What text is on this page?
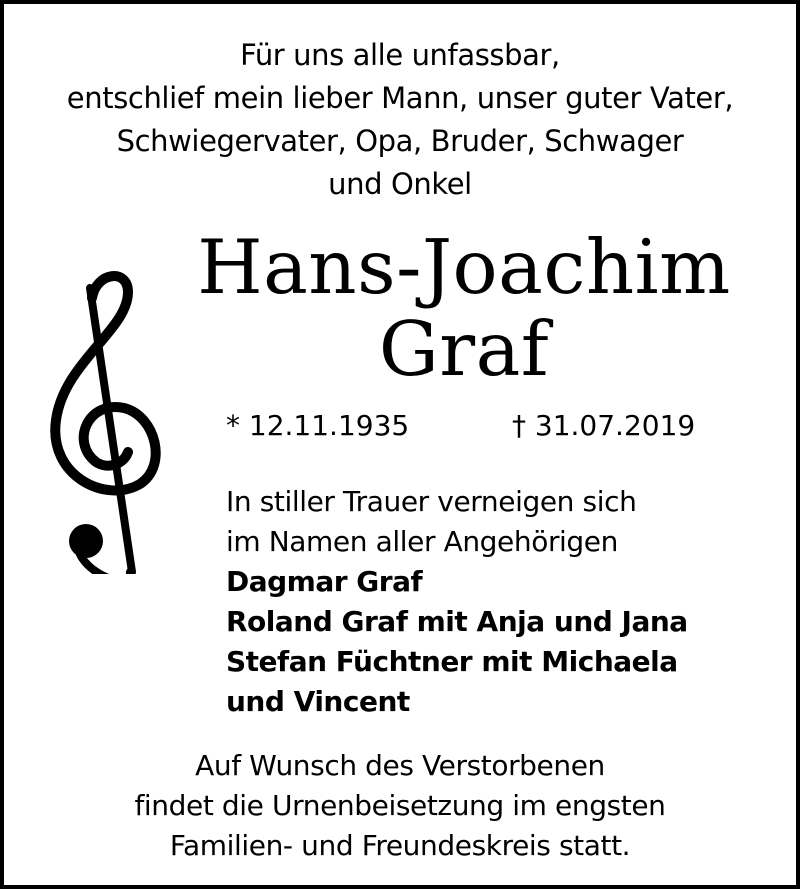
Für uns alle unfassbar,
entschlief mein lieber Mann, unser guter Vater,
Schwiegervater, Opa, Bruder, Schwager
und Onkel
Hans-Joachim
Graf
* 12.11.1935	† 31.07.2019
In stiller Trauer verneigen sich
im Namen aller Angehörigen
Dagmar Graf
Roland Graf mit Anja und Jana
Stefan Füchtner mit Michaela
und Vincent
Auf Wunsch des Verstorbenen
findet die Urnenbeisetzung im engsten
Familien- und Freundeskreis statt.
